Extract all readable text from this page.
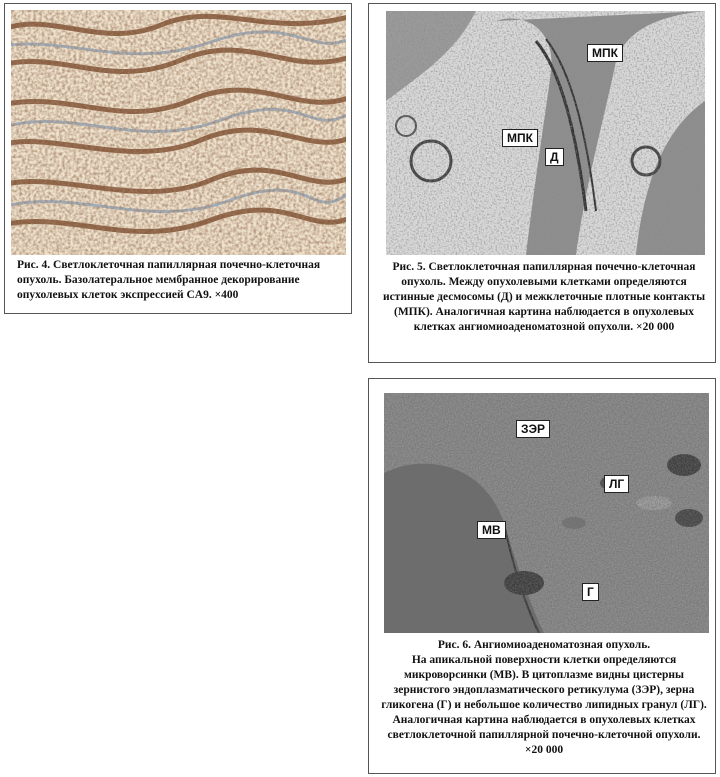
Рис. 4. Светлоклеточная папиллярная почечно-клеточная опухоль. Базолатеральное мембранное декорирование опухолевых клеток экспрессией CA9. ×400
МПК
МПК
Д
Рис. 5. Светлоклеточная папиллярная почечно-клеточная опухоль. Между опухолевыми клетками определяются истинные десмосомы (Д) и межклеточные плотные контакты (МПК). Аналогичная картина наблюдается в опухолевых клетках ангиомиоаденоматозной опухоли. ×20 000
ЗЭР
ЛГ
МВ
Г
Рис. 6. Ангиомиоаденоматозная опухоль.
На апикальной поверхности клетки определяются микроворсинки (МВ). В цитоплазме видны цистерны зернистого эндоплазматического ретикулума (ЗЭР), зерна гликогена (Г) и небольшое количество липидных гранул (ЛГ). Аналогичная картина наблюдается в опухолевых клетках светлоклеточной папиллярной почечно-клеточной опухоли. ×20 000
